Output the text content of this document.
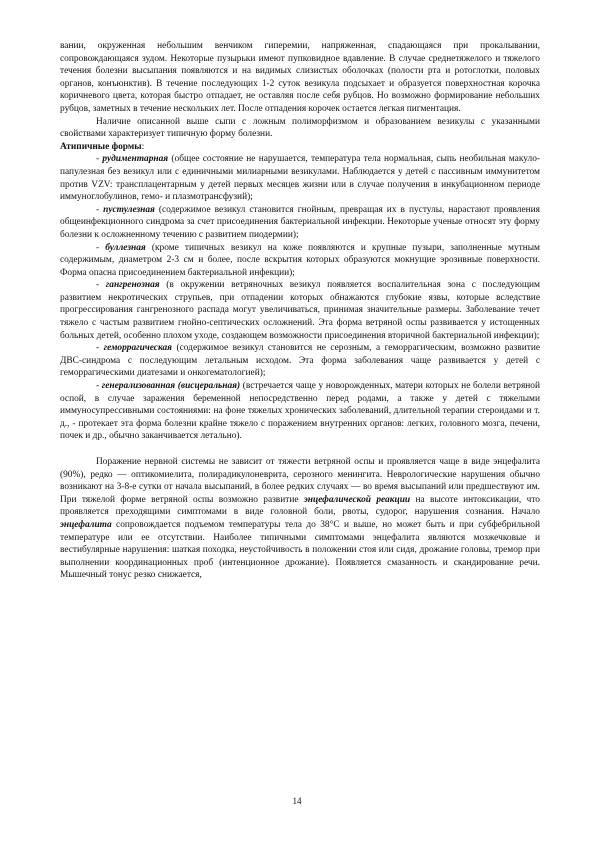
вании, окруженная небольшим венчиком гиперемии, напряженная, спадающаяся при прокалывании, сопровождающаяся зудом. Некоторые пузырьки имеют пупковидное вдавление. В случае среднетяжелого и тяжелого течения болезни высыпания появляются и на видимых слизистых оболочках (полости рта и ротоглотки, половых органов, конъюнктив). В течение последующих 1-2 суток везикула подсыхает и образуется поверхностная корочка коричневого цвета, которая быстро отпадает, не оставляя после себя рубцов. Но возможно формирование небольших рубцов, заметных в течение нескольких лет. После отпадения корочек остается легкая пигментация.

Наличие описанной выше сыпи с ложным полиморфизмом и образованием везикулы с указанными свойствами характеризует типичную форму болезни.

Атипичные формы:

- рудиментарная (общее состояние не нарушается, температура тела нормальная, сыпь необильная макуло-папулезная без везикул или с единичными милиарными везикулами. Наблюдается у детей с пассивным иммунитетом против VZV: трансплацентарным у детей первых месяцев жизни или в случае получения в инкубационном периоде иммуноглобулинов, гемо- и плазмотрансфузий);

- пустулезная (содержимое везикул становится гнойным, превращая их в пустулы, нарастают проявления общеинфекционного синдрома за счет присоединения бактериальной инфекции. Некоторые ученые относят эту форму болезни к осложненному течению с развитием пиодермии);

- буллезная (кроме типичных везикул на коже появляются и крупные пузыри, заполненные мутным содержимым, диаметром 2-3 см и более, после вскрытия которых образуются мокнущие эрозивные поверхности. Форма опасна присоединением бактериальной инфекции);

- гангренозная (в окружении ветряночных везикул появляется воспалительная зона с последующим развитием некротических струпьев, при отпадении которых обнажаются глубокие язвы, которые вследствие прогрессирования гангренозного распада могут увеличиваться, принимая значительные размеры. Заболевание течет тяжело с частым развитием гнойно-септических осложнений. Эта форма ветряной оспы развивается у истощенных больных детей, особенно плохом уходе, создающем возможности присоединения вторичной бактериальной инфекции);

- геморрагическая (содержимое везикул становится не серозным, а геморрагическим, возможно развитие ДВС-синдрома с последующим летальным исходом. Эта форма заболевания чаще развивается у детей с геморрагическими диатезами и онкогематологией);

- генерализованная (висцеральная) (встречается чаще у новорожденных, матери которых не болели ветряной оспой, в случае заражения беременной непосредственно перед родами, а также у детей с тяжелыми иммуносупрессивными состояниями: на фоне тяжелых хронических заболеваний, длительной терапии стероидами и т. д., - протекает эта форма болезни крайне тяжело с поражением внутренних органов: легких, головного мозга, печени, почек и др., обычно заканчивается летально).

Поражение нервной системы не зависит от тяжести ветряной оспы и проявляется чаще в виде энцефалита (90%), редко — оптикомиелита, полирадикулоневрита, серозного менингита. Неврологические нарушения обычно возникают на 3-8-е сутки от начала высыпаний, в более редких случаях — во время высыпаний или предшествуют им. При тяжелой форме ветряной оспы возможно развитие энцефалической реакции на высоте интоксикации, что проявляется преходящими симптомами в виде головной боли, рвоты, судорог, нарушения сознания. Начало энцефалита сопровождается подъемом температуры тела до 38°С и выше, но может быть и при субфебрильной температуре или ее отсутствии. Наиболее типичными симптомами энцефалита являются мозжечковые и вестибулярные нарушения: шаткая походка, неустойчивость в положении стоя или сидя, дрожание головы, тремор при выполнении координационных проб (интенционное дрожание). Появляется смазанность и скандирование речи. Мышечный тонус резко снижается,

14
